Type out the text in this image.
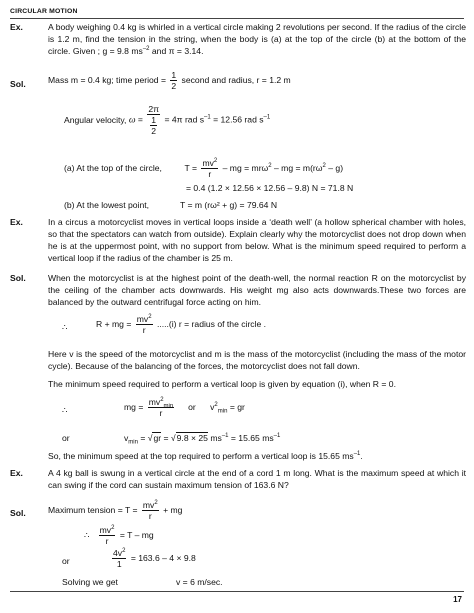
CIRCULAR MOTION
Ex.	A body weighing 0.4 kg is whirled in a vertical circle making 2 revolutions per second. If the radius of the circle is 1.2 m, find the tension in the string, when the body is (a) at the top of the circle (b) at the bottom of the circle. Given ; g = 9.8 $ms^{-2}$ and π = 3.14.
Sol.	Mass m = 0.4 kg; time period = $\frac{1}{2}$ second and radius, r = 1.2 m
Angular velocity, $\omega = \frac{2\pi}{\frac{1}{2}} = 4\pi$ rad $s^{-1} = 12.56$ rad $s^{-1}$
(a) At the top of the circle,  $T = \frac{mv^2}{r}$ – mg = mrω$^2$ – mg = $m(r\omega^2 - g)$
= 0.4 (1.2 × 12.56 × 12.56 – 9.8) N = 71.8 N
(b) At the lowest point,	T = m (rω² + g) = 79.64 N
Ex.	In a circus a motorcyclist moves in vertical loops inside a ‘death well’ (a hollow spherical chamber with holes, so that the spectators can watch from outside). Explain clearly why the motorcyclist does not drop down when he is at the uppermost point, with no support from below. What is the minimum speed required to perform a vertical loop if the radius of the chamber is 25 m.
Sol.	When the motorcyclist is at the highest point of the death-well, the normal reaction R on the motorcyclist by the ceiling of the chamber acts downwards. His weight mg also acts downwards.These two forces are balanced by the outward centrifugal force acting on him.
∴	R + mg = $\frac{mv^2}{r} .....(i) r$ = radius of the circle .
Here v is the speed of the motorcyclist and m is the mass of the motorcyclist (including the mass of the motor cycle). Because of the balancing of the forces, the motorcyclist does not fall down.
The minimum speed required to perform a vertical loop is given by equation (i), when R = 0.
∴	mg = $mv^2_{min}$
r
or      $v^2_{min}$ = gr
or	$v_{min} = √gr = √9.8 \times 25$ $ms^{-1} = 15.65$ $ms^{-1}$
So, the minimum speed at the top required to perform a vertical loop is 15.65 $ms^{-1}$.
Ex.	A 4 kg ball is swung in a vertical circle at the end of a cord 1 m long. What is the maximum speed at which it can swing if the cord can sustain maximum tension of 163.6 N?
Sol.	Maximum tension = $T = \frac{mv^2}{r}$ + mg
∴ $\frac{mv^2}{r} = T$ – mg
or	$\frac{4v^2}{1} = 163.6 - 4 \times 9.8$
Solving we get	v = 6 m/sec.
17
